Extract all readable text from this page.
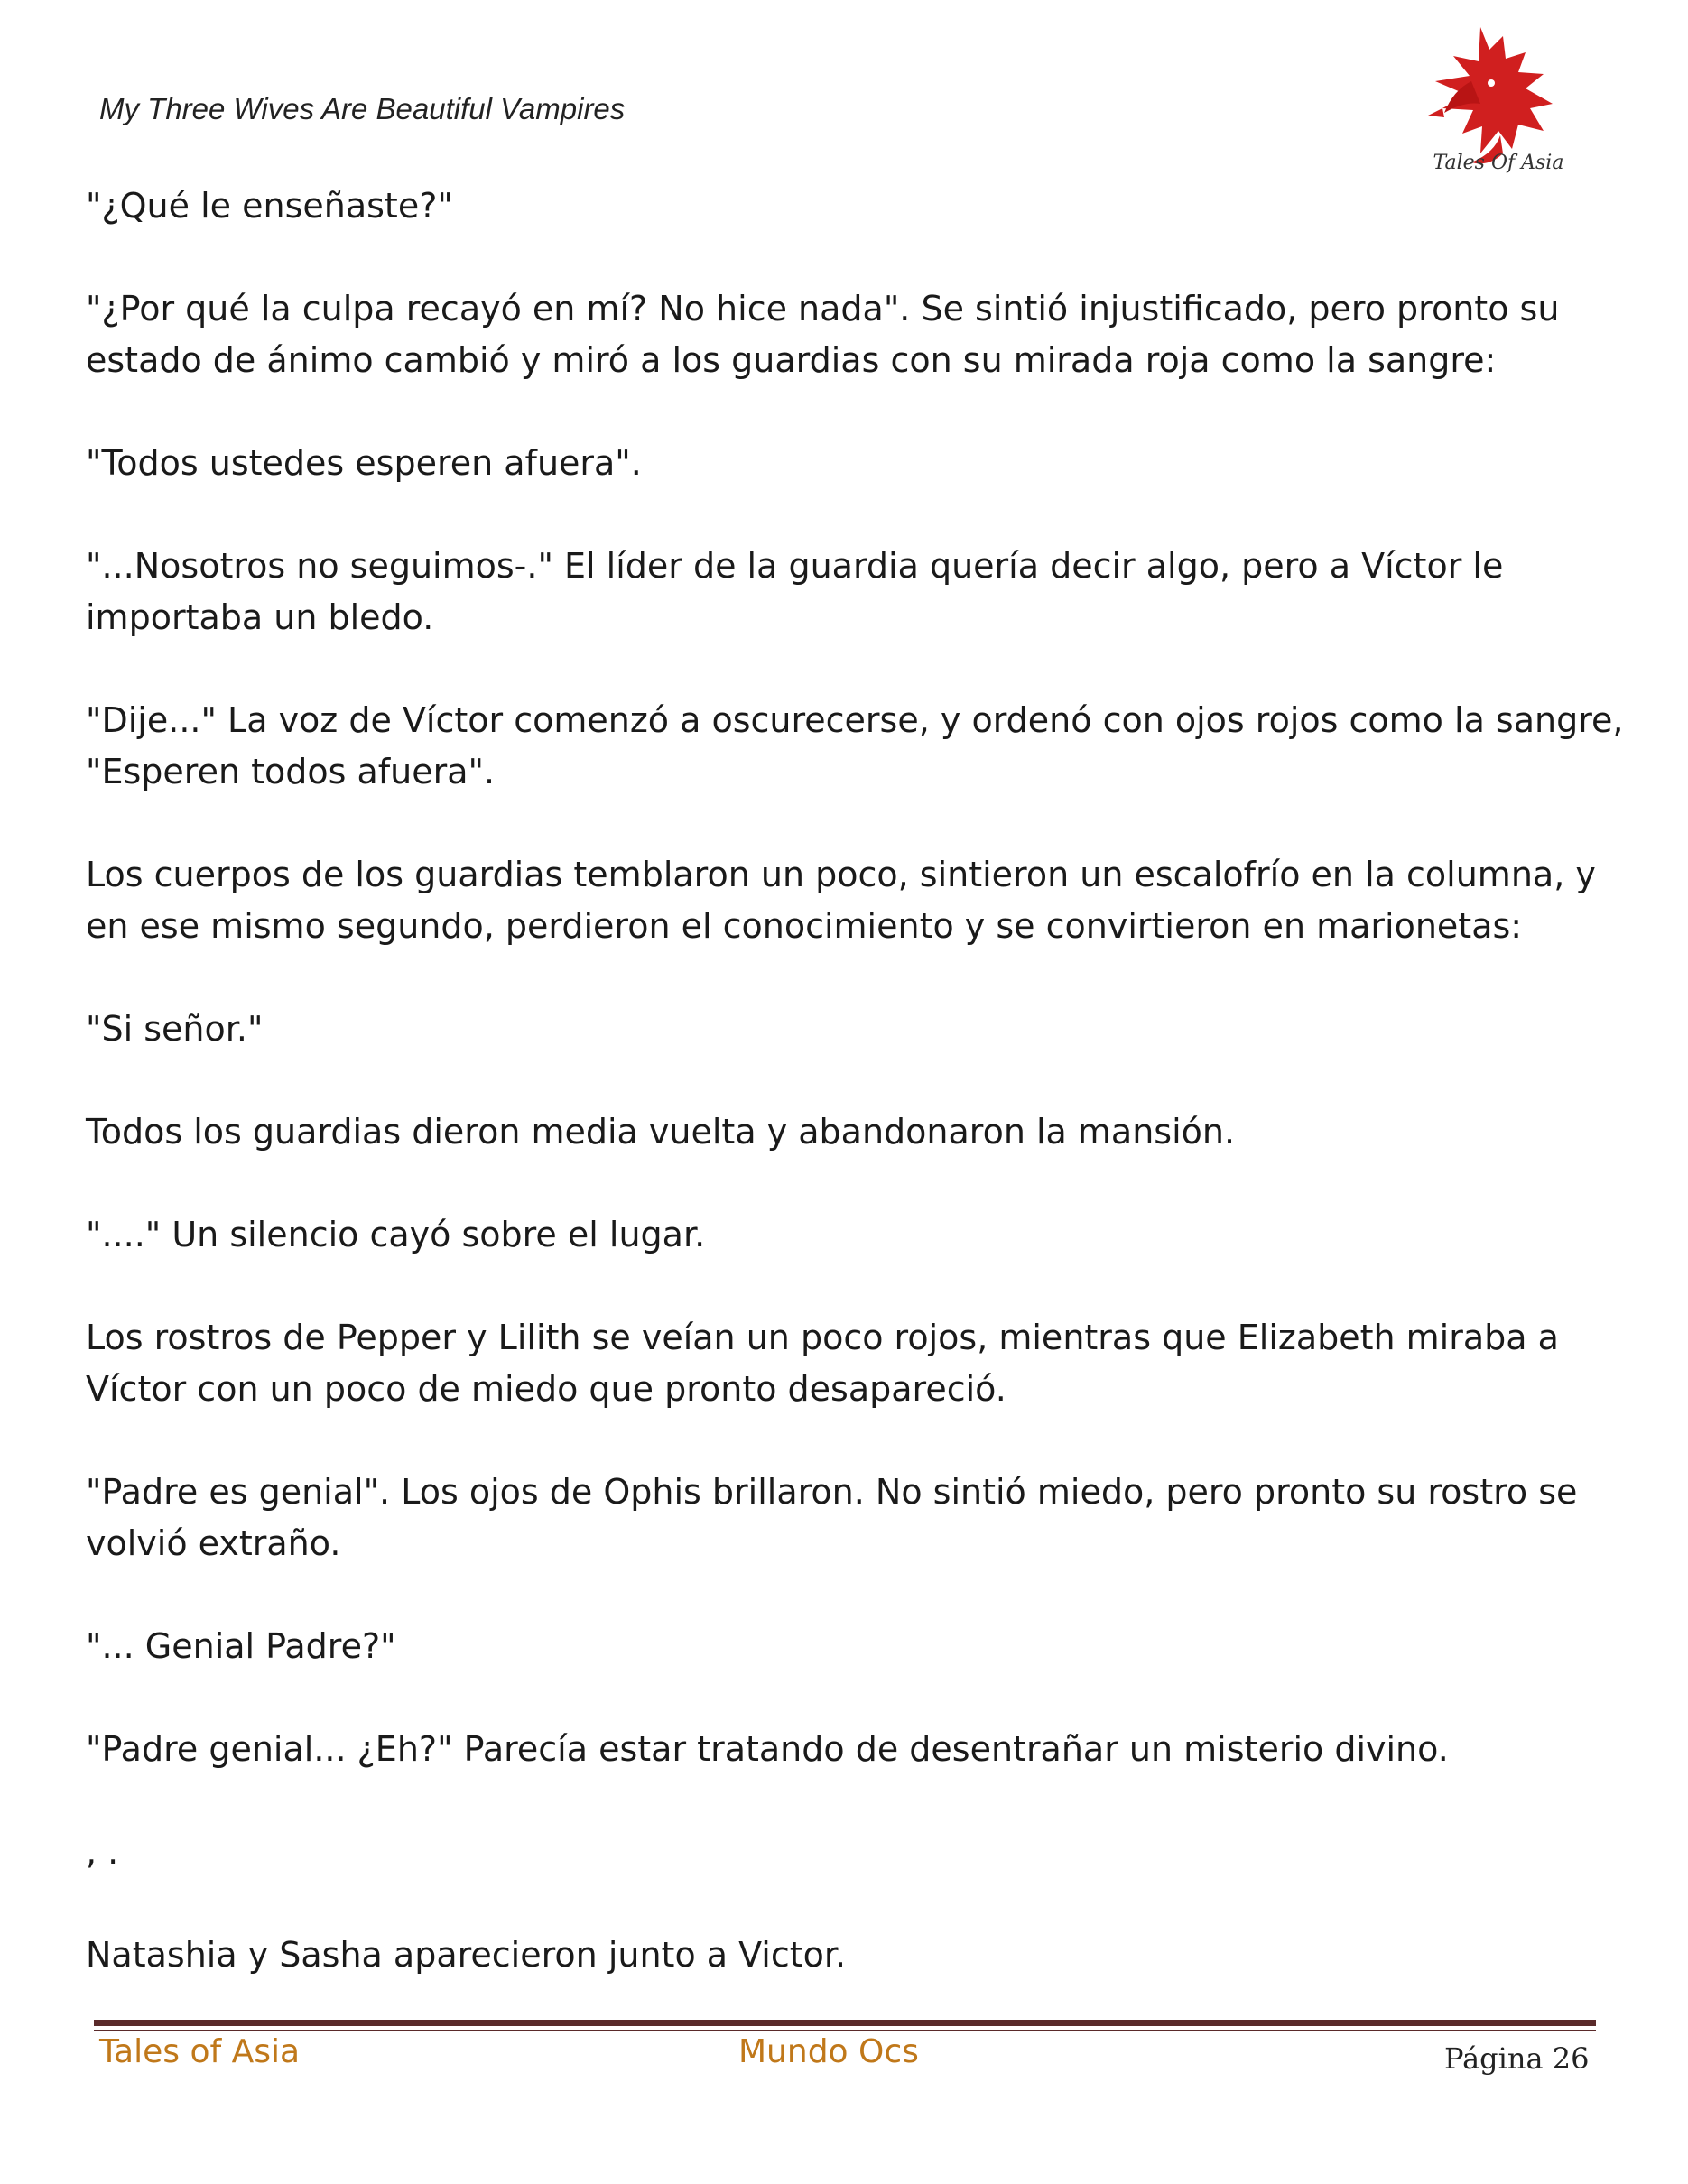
My Three Wives Are Beautiful Vampires
Tales Of Asia
"¿Qué le enseñaste?"
"¿Por qué la culpa recayó en mí? No hice nada". Se sintió injustificado, pero pronto su
estado de ánimo cambió y miró a los guardias con su mirada roja como la sangre:
"Todos ustedes esperen afuera".
"...Nosotros no seguimos-." El líder de la guardia quería decir algo, pero a Víctor le
importaba un bledo.
"Dije..." La voz de Víctor comenzó a oscurecerse, y ordenó con ojos rojos como la sangre,
"Esperen todos afuera".
Los cuerpos de los guardias temblaron un poco, sintieron un escalofrío en la columna, y
en ese mismo segundo, perdieron el conocimiento y se convirtieron en marionetas:
"Si señor."
Todos los guardias dieron media vuelta y abandonaron la mansión.
"...." Un silencio cayó sobre el lugar.
Los rostros de Pepper y Lilith se veían un poco rojos, mientras que Elizabeth miraba a
Víctor con un poco de miedo que pronto desapareció.
"Padre es genial". Los ojos de Ophis brillaron. No sintió miedo, pero pronto su rostro se
volvió extraño.
"... Genial Padre?"
"Padre genial... ¿Eh?" Parecía estar tratando de desentrañar un misterio divino.
, .
Natashia y Sasha aparecieron junto a Victor.
Tales of Asia	Mundo Ocs	Página 26
